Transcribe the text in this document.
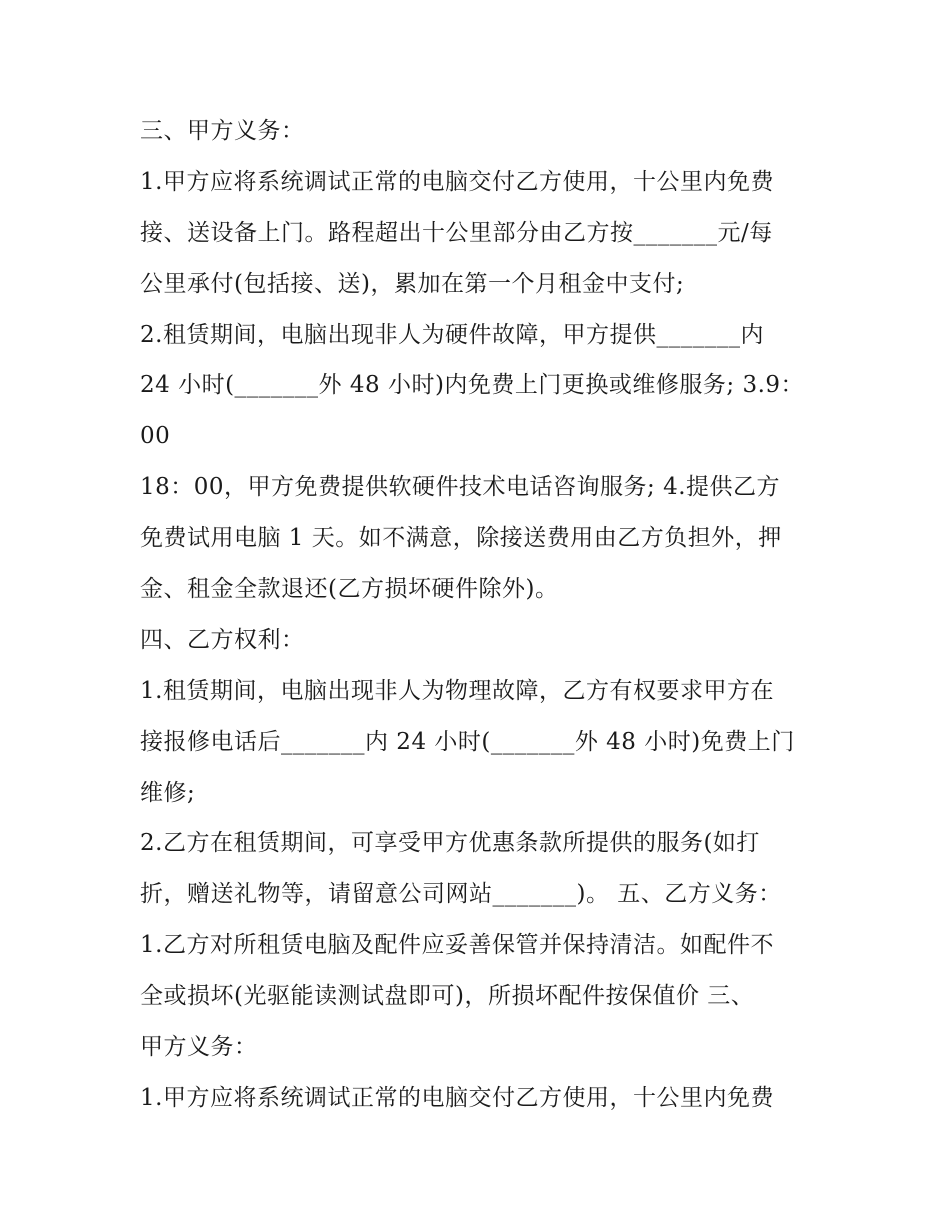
三、甲方义务：
1.甲方应将系统调试正常的电脑交付乙方使用，十公里内免费
接、送设备上门。路程超出十公里部分由乙方按_______元/每
公里承付(包括接、送)，累加在第一个月租金中支付;
2.租赁期间，电脑出现非人为硬件故障，甲方提供_______内
24 小时(_______外 48 小时)内免费上门更换或维修服务; 3.9：
00
18：00，甲方免费提供软硬件技术电话咨询服务; 4.提供乙方
免费试用电脑 1 天。如不满意，除接送费用由乙方负担外，押
金、租金全款退还(乙方损坏硬件除外)。
四、乙方权利：
1.租赁期间，电脑出现非人为物理故障，乙方有权要求甲方在
接报修电话后_______内 24 小时(_______外 48 小时)免费上门
维修;
2.乙方在租赁期间，可享受甲方优惠条款所提供的服务(如打
折，赠送礼物等，请留意公司网站_______)。 五、乙方义务：
1.乙方对所租赁电脑及配件应妥善保管并保持清洁。如配件不
全或损坏(光驱能读测试盘即可)，所损坏配件按保值价 三、
甲方义务：
1.甲方应将系统调试正常的电脑交付乙方使用，十公里内免费
